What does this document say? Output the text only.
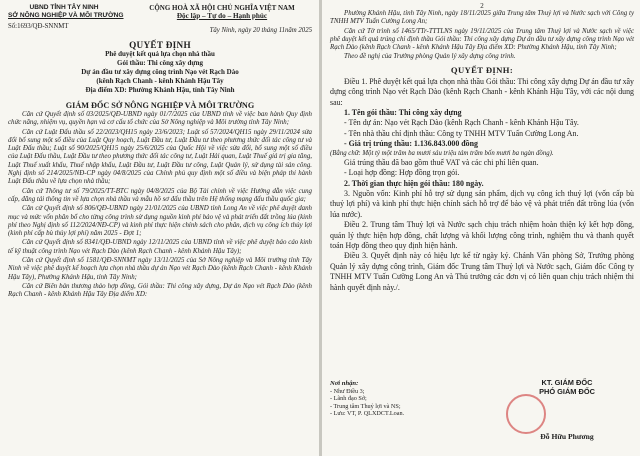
UBND TỈNH TÂY NINH
SỞ NÔNG NGHIỆP VÀ MÔI TRƯỜNG
Số:1693/QĐ-SNNMT
CỘNG HOÀ XÃ HỘI CHỦ NGHĨA VIỆT NAM
Độc lập – Tự do – Hạnh phúc
Tây Ninh, ngày 20 tháng 11năm 2025
QUYẾT ĐỊNH
Phê duyệt kết quả lựa chọn nhà thầu
Gói thầu: Thi công xây dựng
Dự án đầu tư xây dựng công trình Nạo vét Rạch Dào
(kênh Rạch Chanh - kênh Khánh Hậu Tây
Địa điểm XD: Phường Khánh Hậu, tỉnh Tây Ninh
GIÁM ĐỐC SỞ NÔNG NGHIỆP VÀ MÔI TRƯỜNG

Căn cứ Quyết định số 03/2025/QĐ-UBND ngày 01/7/2025 của UBND tỉnh về việc ban hành Quy định chức năng, nhiệm vụ, quyền hạn và cơ cấu tổ chức của Sở Nông nghiệp và Môi trường tỉnh Tây Ninh;

Căn cứ Luật Đấu thầu số 22/2023/QH15 ngày 23/6/2023; Luật số 57/2024/QH15 ngày 29/11/2024 sửa đổi bổ sung một số điều của Luật Quy hoạch, Luật Đầu tư, Luật Đầu tư theo phương thức đối tác công tư và Luật Đấu thầu; Luật số 90/2025/QH15 ngày 25/6/2025 của Quốc Hội về việc sửa đổi, bổ sung một số điều của Luật Đấu thầu, Luật Đầu tư theo phương thức đối tác công tư, Luật Hải quan, Luật Thuế giá trị gia tăng, Luật Thuế xuất khẩu, Thuế nhập khẩu, Luật Đầu tư, Luật Đầu tư công, Luật Quản lý, sử dụng tài sản công. Nghị định số 214/2025/NĐ-CP ngày 04/8/2025 của Chính phủ quy định một số điều và biện pháp thi hành Luật Đấu thầu về lựa chọn nhà thầu;

Căn cứ Thông tư số 79/2025/TT-BTC ngày 04/8/2025 của Bộ Tài chính về việc Hướng dẫn việc cung cấp, đăng tải thông tin về lựa chọn nhà thầu và mẫu hồ sơ đấu thầu trên Hệ thống mạng đấu thầu quốc gia;

Căn cứ Quyết định số 806/QĐ-UBND ngày 21/01/2025 của UBND tỉnh Long An về việc phê duyệt danh mục và mức vốn phân bổ cho từng công trình sử dụng nguồn kinh phí bảo vệ và phát triển đất trồng lúa (kinh phí theo Nghị định số 112/2024/NĐ-CP) và kinh phí thực hiện chính sách cho phân, dịch vụ công ích thủy lợi (kinh phí cấp bù thủy lợi phí) năm 2025 - Đợt 1;

Căn cứ Quyết định số 8341/QĐ-UBND ngày 12/11/2025 của UBND tỉnh về việc phê duyệt báo cáo kinh tế kỹ thuật công trình Nạo vét Rạch Dào (kênh Rạch Chanh - kênh Khánh Hậu Tây);

Căn cứ Quyết định số 1581/QĐ-SNNMT ngày 13/11/2025 của Sở Nông nghiệp và Môi trường tỉnh Tây Ninh về việc phê duyệt kế hoạch lựa chọn nhà thầu dự án Nạo vét Rạch Dào (kênh Rạch Chanh - kênh Khánh Hậu Tây), Phường Khánh Hậu, tỉnh Tây Ninh;

Căn cứ Biên bản thương thảo hợp đồng, Gói thầu: Thi công xây dựng, Dự án Nạo vét Rạch Dào (kênh Rạch Chanh - kênh Khánh Hậu Tây Địa điểm XD:

2

Phường Khánh Hậu, tỉnh Tây Ninh, ngày 18/11/2025 giữa Trung tâm Thuỷ lợi và Nước sạch với Công ty TNHH MTV Tuấn Cường Long An;

Căn cứ Tờ trình số 1465/TTr-TTTLNS ngày 19/11/2025 của Trung tâm Thuỷ lợi và Nước sạch về việc phê duyệt kết quả trúng chỉ định thầu Gói thầu: Thi công xây dựng Dự án đầu tư xây dựng công trình Nạo vét Rạch Dào (kênh Rạch Chanh - kênh Khánh Hậu Tây Địa điểm XD: Phường Khánh Hậu, tỉnh Tây Ninh;

Theo đề nghị của Trưởng phòng Quản lý xây dựng công trình.

QUYẾT ĐỊNH:
Điều 1. Phê duyệt kết quả lựa chọn nhà thầu Gói thầu: Thi công xây dựng Dự án đầu tư xây dựng công trình Nạo vét Rạch Dào (kênh Rạch Chanh - kênh Khánh Hậu Tây, với các nội dung sau:
1. Tên gói thầu: Thi công xây dựng
- Tên dự án: Nạo vét Rạch Dào (kênh Rạch Chanh - kênh Khánh Hậu Tây.
- Tên nhà thầu chỉ định thầu: Công ty TNHH MTV Tuấn Cường Long An.
- Giá trị trúng thầu: 1.136.843.000 đồng
(Bằng chữ: Một tỷ một trăm ba mươi sáu triệu tám trăm bốn mươi ba ngàn đồng).
Giá trúng thầu đã bao gồm thuế VAT và các chi phí liên quan.
- Loại hợp đồng: Hợp đồng trọn gói.
2. Thời gian thực hiện gói thầu: 180 ngày.
3. Nguồn vốn: Kinh phí hỗ trợ sử dụng sản phẩm, dịch vụ công ích thuỷ lợi (vốn cấp bù thuỷ lợi phí) và kinh phí thực hiện chính sách hỗ trợ để bảo vệ và phát triển đất trồng lúa (vốn lúa nước).
Điều 2. Trung tâm Thuỷ lợi và Nước sạch chịu trách nhiệm hoàn thiện ký kết hợp đồng, quản lý thực hiện hợp đồng, chất lượng và khối lượng công trình, nghiệm thu và thanh quyết toán Hợp đồng theo quy định hiện hành.
Điều 3. Quyết định này có hiệu lực kể từ ngày ký. Chánh Văn phòng Sở, Trưởng phòng Quản lý xây dựng công trình, Giám đốc Trung tâm Thuỷ lợi và Nước sạch, Giám đốc Công ty TNHH MTV Tuấn Cường Long An và Thủ trưởng các đơn vị có liên quan chịu trách nhiệm thi hành quyết định này./.
Nơi nhận:
- Như Điều 3;
- Lãnh đạo Sở;
- Trung tâm Thuỷ lợi và NS;
- Lưu: VT, P. QLXDCT.Loan.
KT. GIÁM ĐỐC
PHÓ GIÁM ĐỐC
Đỗ Hữu Phương
